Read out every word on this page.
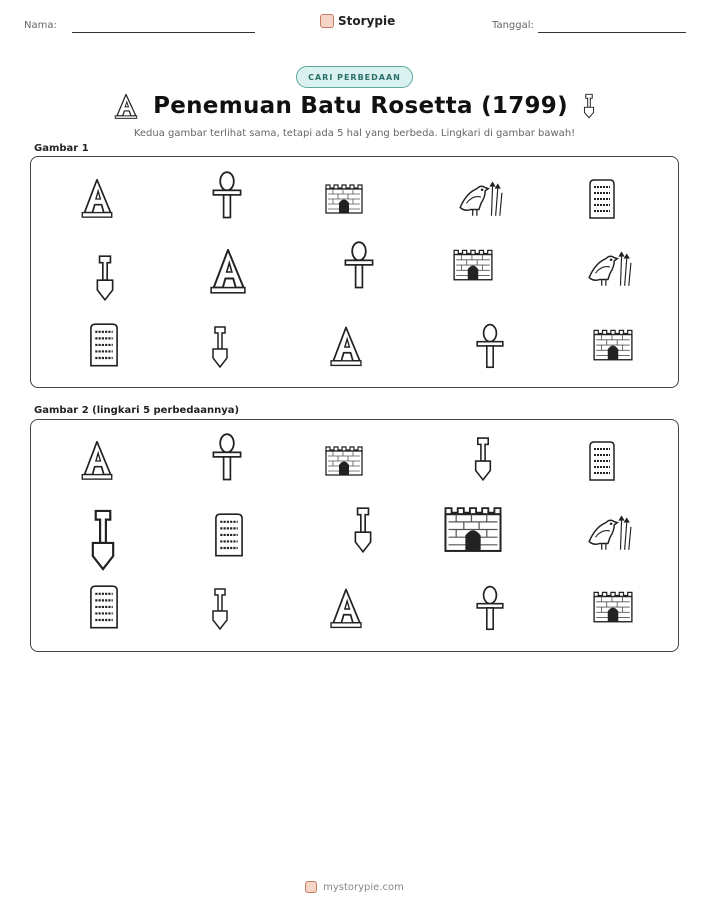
Nama:	Storypie	Tanggal:
CARI PERBEDAAN
Penemuan Batu Rosetta (1799)
Kedua gambar terlihat sama, tetapi ada 5 hal yang berbeda. Lingkari di gambar bawah!
Gambar 1
Gambar 2 (lingkari 5 perbedaannya)
mystorypie.com
